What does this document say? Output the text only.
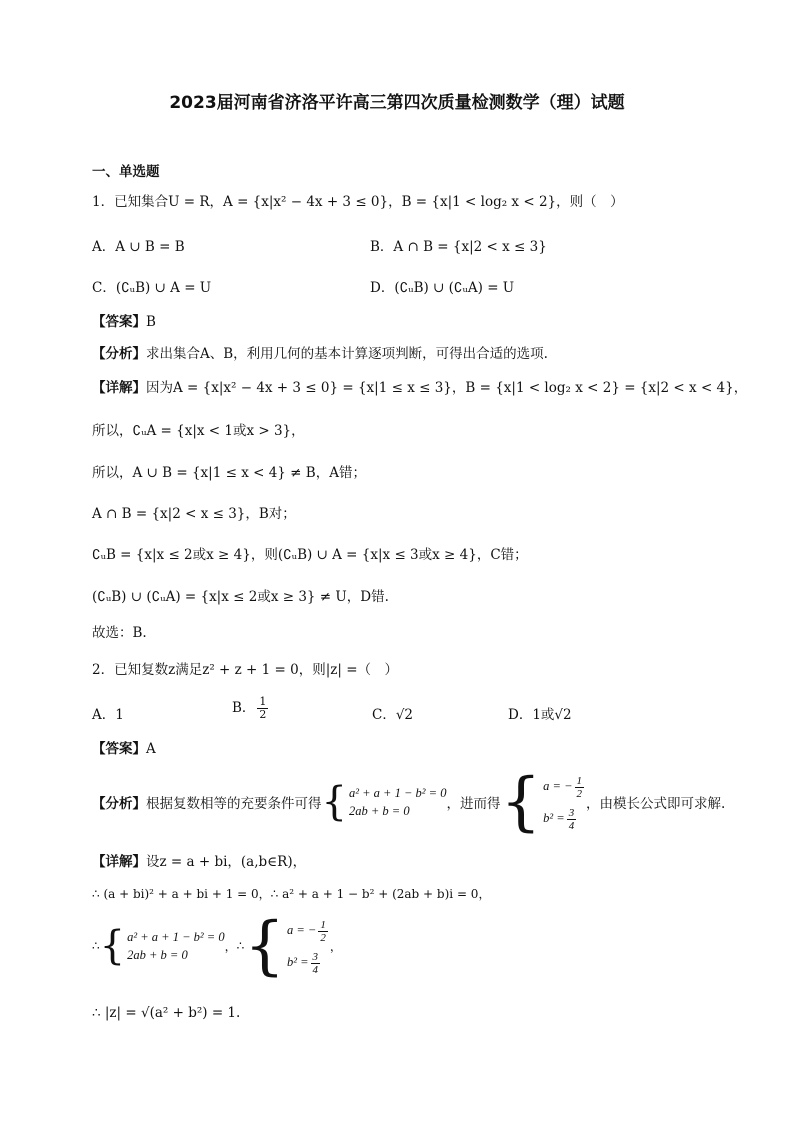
2023届河南省济洛平许高三第四次质量检测数学（理）试题
一、单选题
1．已知集合U = R，A = {x|x² − 4x + 3 ≤ 0}，B = {x|1 < log₂ x < 2}，则（　）
A．A ∪ B = B	B．A ∩ B = {x|2 < x ≤ 3}
C．(∁ᵤB) ∪ A = U	D．(∁ᵤB) ∪ (∁ᵤA) = U
【答案】B
【分析】求出集合A、B，利用几何的基本计算逐项判断，可得出合适的选项.
【详解】因为A = {x|x² − 4x + 3 ≤ 0} = {x|1 ≤ x ≤ 3}，B = {x|1 < log₂ x < 2} = {x|2 < x < 4}，
所以，∁ᵤA = {x|x < 1或x > 3}，
所以，A ∪ B = {x|1 ≤ x < 4} ≠ B，A错；
A ∩ B = {x|2 < x ≤ 3}，B对；
∁ᵤB = {x|x ≤ 2或x ≥ 4}，则(∁ᵤB) ∪ A = {x|x ≤ 3或x ≥ 4}，C错；
(∁ᵤB) ∪ (∁ᵤA) = {x|x ≤ 2或x ≥ 3} ≠ U，D错.
故选：B.
2．已知复数z满足z² + z + 1 = 0，则|z| =（　）
A．1	B． $\frac{1}{2}$	C．√2	D．1或√2
【答案】A
【分析】根据复数相等的充要条件可得 { a² + a + 1 − b² = 0
2ab + b = 0	，进而得 { a = − $\frac{1}{2}$
$b^2 = \frac{3}{4}$
，由模长公式即可求解.
【详解】设z = a + bi，(a,b∈R)，
∴ (a + bi)² + a + bi + 1 = 0，∴ a² + a + 1 − b² + (2ab + b)i = 0，
∴ { a² + a + 1 − b² = 0
2ab + b = 0
，∴ { a = − $\frac{1}{2}$
$b^2 = \frac{3}{4}$
，
∴ |z| = √(a² + b²) = 1.
